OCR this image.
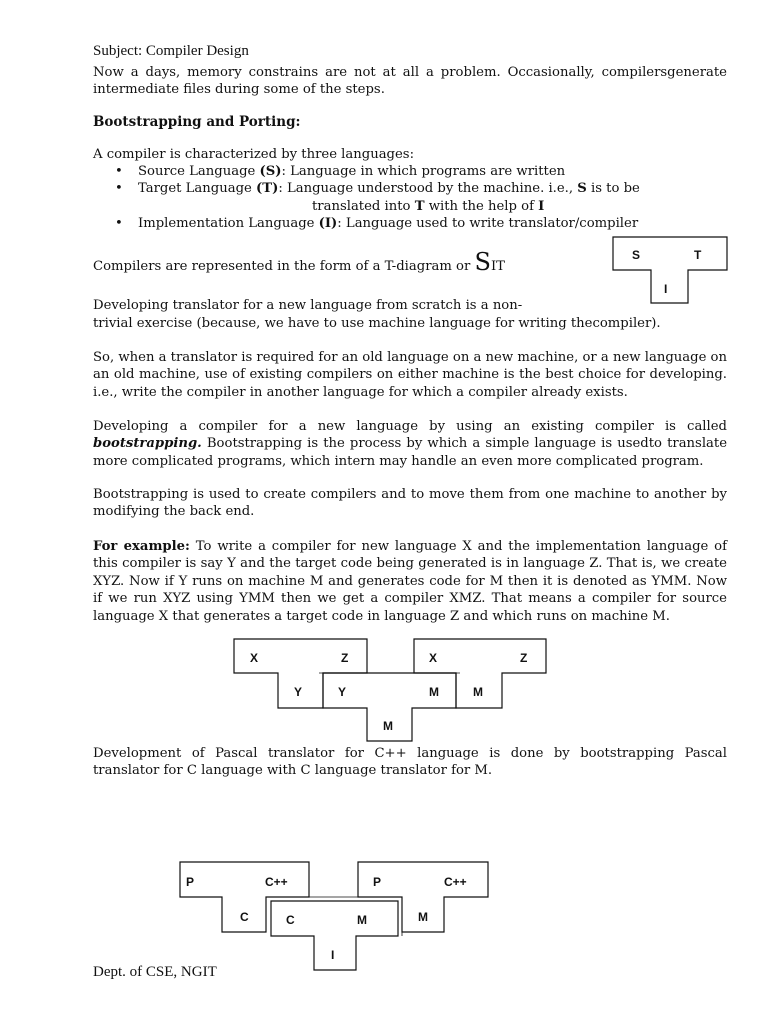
Subject: Compiler Design

Now a days, memory constrains are not at all a problem. Occasionally, compilersgenerate intermediate files during some of the steps.

Bootstrapping and Porting:

A compiler is characterized by three languages:

• Source Language (S): Language in which programs are written
• Target Language (T): Language understood by the machine. i.e., S is to be
translated into T with the help of I
• Implementation Language (I): Language used to write translator/compiler
Compilers are represented in the form of a T-diagram or SIT
S	T
I

Developing translator for a new language from scratch is a non-

trivial exercise (because, we have to use machine language for writing thecompiler).

So, when a translator is required for an old language on a new machine, or a new language on an old machine, use of existing compilers on either machine is the best choice for developing. i.e., write the compiler in another language for which a compiler already exists.

Developing a compiler for a new language by using an existing compiler is called bootstrapping. Bootstrapping is the process by which a simple language is usedto translate more complicated programs, which intern may handle an even more complicated program.

Bootstrapping is used to create compilers and to move them from one machine to another by modifying the back end.

For example: To write a compiler for new language X and the implementation language of this compiler is say Y and the target code being generated is in language Z. That is, we create XYZ. Now if Y runs on machine M and generates code for M then it is denoted as YMM. Now if we run XYZ using YMM then we get a compiler XMZ. That means a compiler for source language X that generates a target code in language Z and which runs on machine M.

X	Z
Y	Y	M
M
X	Z
M

Development of Pascal translator for C++ language is done by bootstrapping Pascal translator for C language with C language translator for M.

P	C++
C	C	M
I
P	C++
M
Dept. of CSE, NGIT
